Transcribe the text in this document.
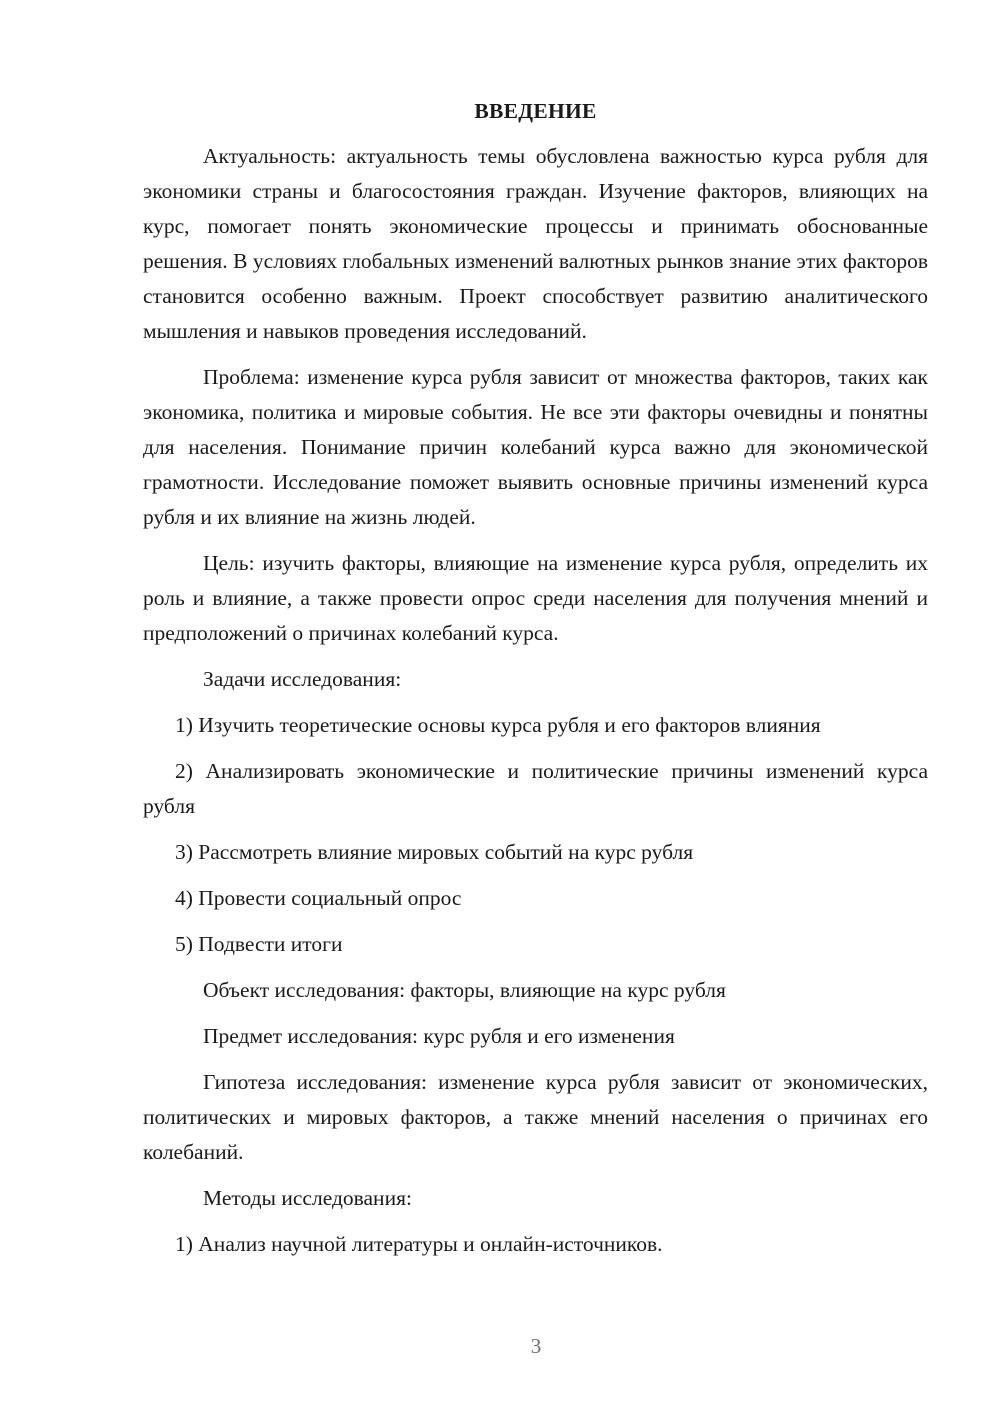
ВВЕДЕНИЕ

Актуальность: актуальность темы обусловлена важностью курса рубля для экономики страны и благосостояния граждан. Изучение факторов, влияющих на курс, помогает понять экономические процессы и принимать обоснованные решения. В условиях глобальных изменений валютных рынков знание этих факторов становится особенно важным. Проект способствует развитию аналитического мышления и навыков проведения исследований.

Проблема: изменение курса рубля зависит от множества факторов, таких как экономика, политика и мировые события. Не все эти факторы очевидны и понятны для населения. Понимание причин колебаний курса важно для экономической грамотности. Исследование поможет выявить основные причины изменений курса рубля и их влияние на жизнь людей.

Цель: изучить факторы, влияющие на изменение курса рубля, определить их роль и влияние, а также провести опрос среди населения для получения мнений и предположений о причинах колебаний курса.

Задачи исследования:

1) Изучить теоретические основы курса рубля и его факторов влияния

2) Анализировать экономические и политические причины изменений курса рубля

3) Рассмотреть влияние мировых событий на курс рубля

4) Провести социальный опрос

5) Подвести итоги

Объект исследования: факторы, влияющие на курс рубля

Предмет исследования: курс рубля и его изменения

Гипотеза исследования: изменение курса рубля зависит от экономических, политических и мировых факторов, а также мнений населения о причинах его колебаний.

Методы исследования:

1) Анализ научной литературы и онлайн-источников.

3
